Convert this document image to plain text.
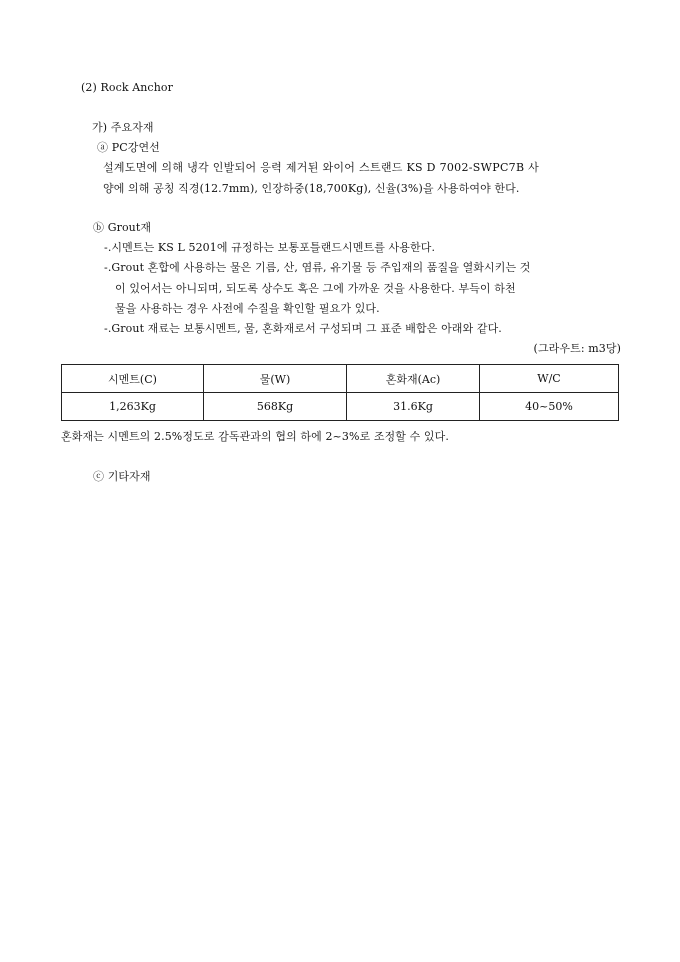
(2) Rock Anchor
가) 주요자재
ⓐ PC강연선
설계도면에 의해 냉각 인발되어 응력 제거된 와이어 스트랜드 KS D 7002-SWPC7B 사
양에 의해 공칭 직경(12.7mm), 인장하중(18,700Kg), 신율(3%)을 사용하여야 한다.
ⓑ Grout재
-.시멘트는 KS L 5201에 규정하는 보통포틀랜드시멘트를 사용한다.
-.Grout 혼합에 사용하는 물은 기름, 산, 염류, 유기물 등 주입재의 품질을 열화시키는 것
이 있어서는 아니되며, 되도록 상수도 혹은 그에 가까운 것을 사용한다. 부득이 하천
물을 사용하는 경우 사전에 수질을 확인할 필요가 있다.
-.Grout 재료는 보통시멘트, 물, 혼화재로서 구성되며 그 표준 배합은 아래와 같다.
(그라우트: m3당)
시멘트(C)	물(W)	혼화재(Ac)	W/C
1,263Kg	568Kg	31.6Kg	40~50%
혼화재는 시멘트의 2.5%정도로 감독관과의 협의 하에 2~3%로 조정할 수 있다.
ⓒ 기타자재
